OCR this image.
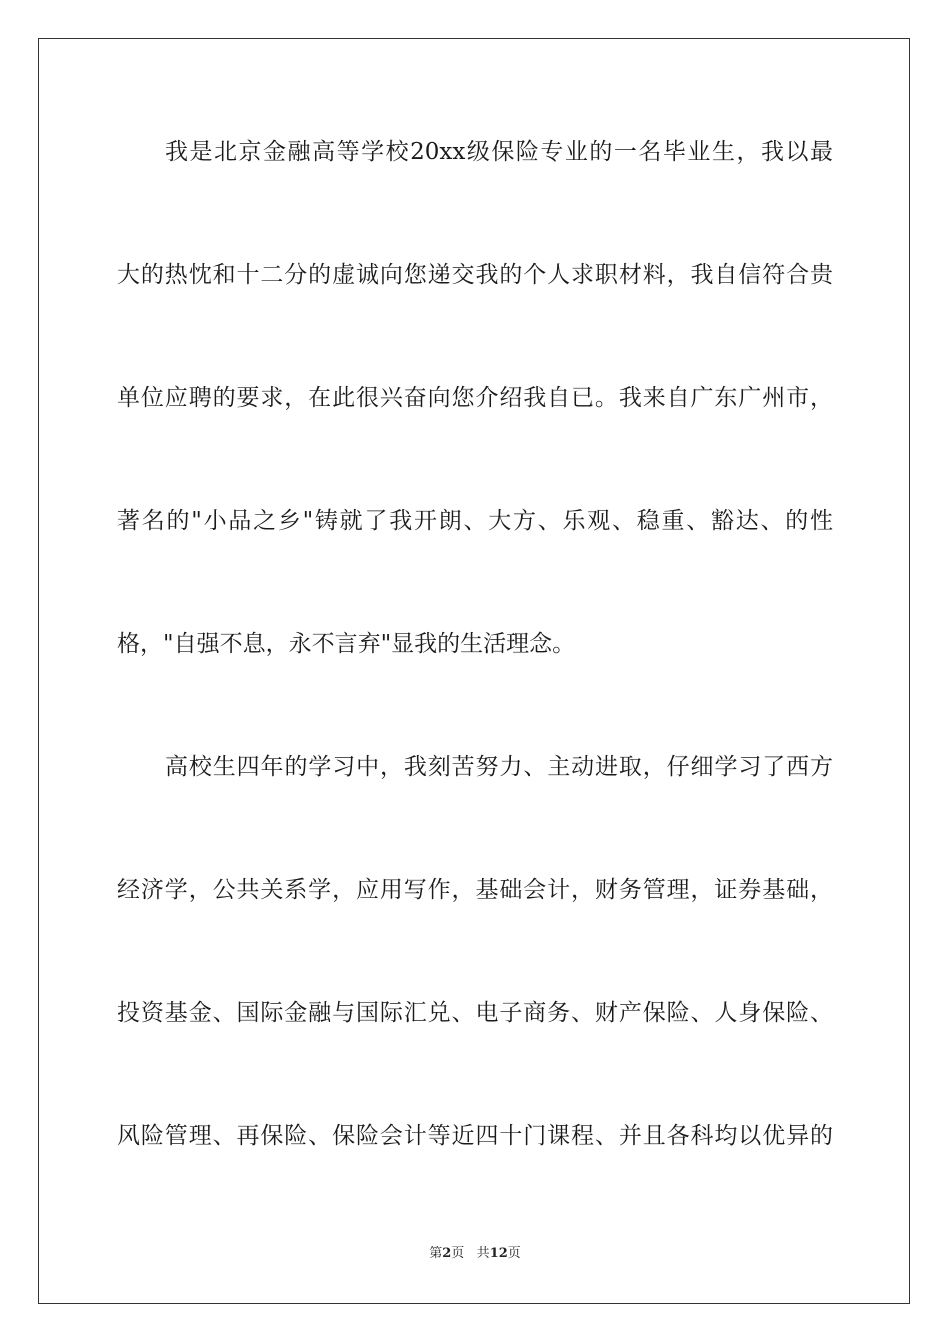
我是北京金融高等学校20xx级保险专业的一名毕业生，我以最
大的热忱和十二分的虚诚向您递交我的个人求职材料，我自信符合贵
单位应聘的要求，在此很兴奋向您介绍我自已。我来自广东广州市，
著名的"小品之乡"铸就了我开朗、大方、乐观、稳重、豁达、的性
格，"自强不息，永不言弃"显我的生活理念。
高校生四年的学习中，我刻苦努力、主动进取，仔细学习了西方
经济学，公共关系学，应用写作，基础会计，财务管理，证券基础，
投资基金、国际金融与国际汇兑、电子商务、财产保险、人身保险、
风险管理、再保险、保险会计等近四十门课程、并且各科均以优异的
第2页 共12页
